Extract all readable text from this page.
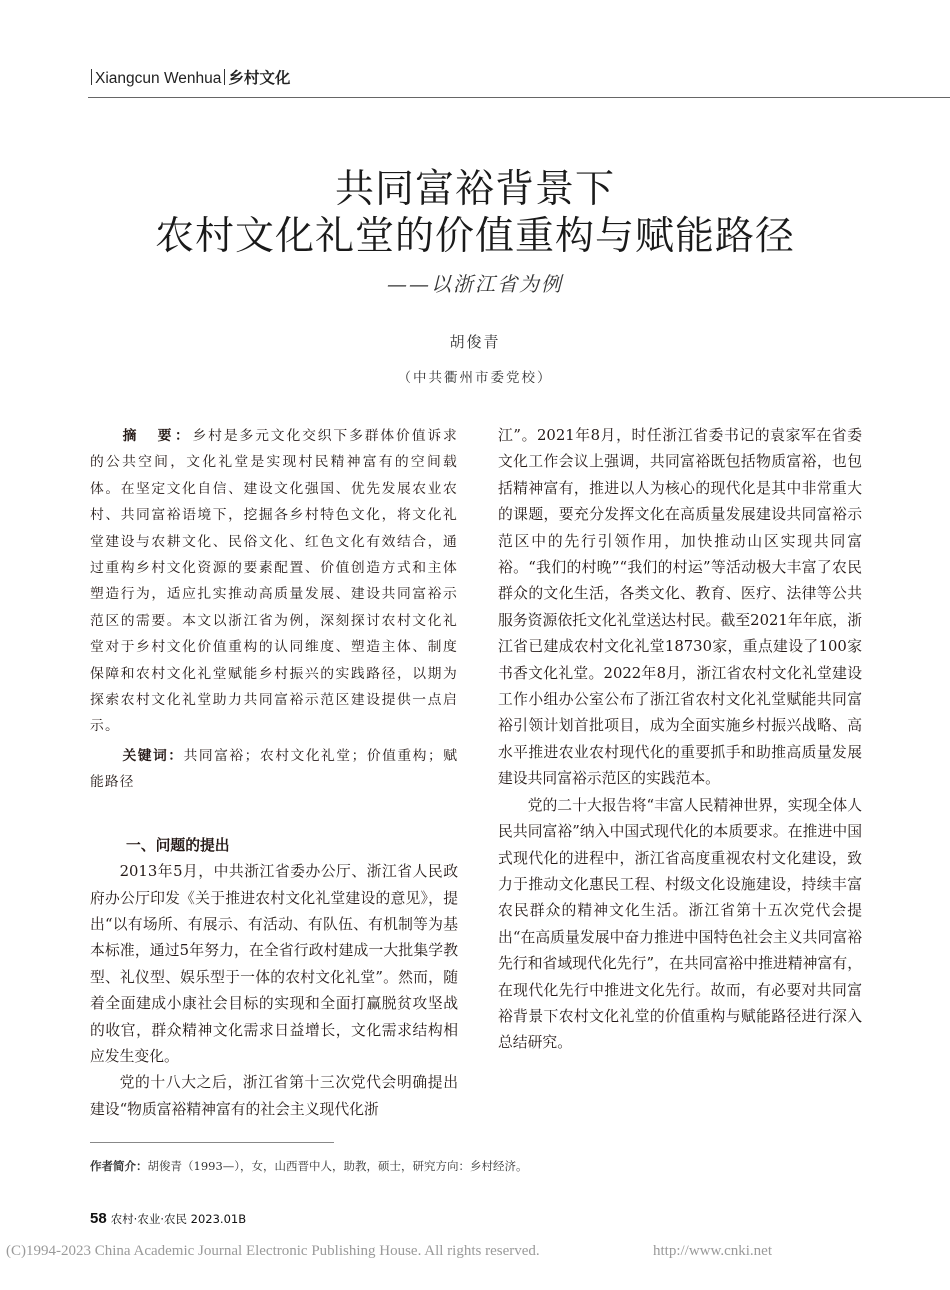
Xiangcun Wenhua 乡村文化
共同富裕背景下
农村文化礼堂的价值重构与赋能路径
——以浙江省为例
胡俊青
（中共衢州市委党校）

摘　要：乡村是多元文化交织下多群体价值诉求的公共空间，文化礼堂是实现村民精神富有的空间载体。在坚定文化自信、建设文化强国、优先发展农业农村、共同富裕语境下，挖掘各乡村特色文化，将文化礼堂建设与农耕文化、民俗文化、红色文化有效结合，通过重构乡村文化资源的要素配置、价值创造方式和主体塑造行为，适应扎实推动高质量发展、建设共同富裕示范区的需要。本文以浙江省为例，深刻探讨农村文化礼堂对于乡村文化价值重构的认同维度、塑造主体、制度保障和农村文化礼堂赋能乡村振兴的实践路径，以期为探索农村文化礼堂助力共同富裕示范区建设提供一点启示。

关键词：共同富裕；农村文化礼堂；价值重构；赋能路径

一、问题的提出

2013年5月，中共浙江省委办公厅、浙江省人民政府办公厅印发《关于推进农村文化礼堂建设的意见》，提出“以有场所、有展示、有活动、有队伍、有机制等为基本标准，通过5年努力，在全省行政村建成一大批集学教型、礼仪型、娱乐型于一体的农村文化礼堂”。然而，随着全面建成小康社会目标的实现和全面打赢脱贫攻坚战的收官，群众精神文化需求日益增长，文化需求结构相应发生变化。

党的十八大之后，浙江省第十三次党代会明确提出建设“物质富裕精神富有的社会主义现代化浙

江”。2021年8月，时任浙江省委书记的袁家军在省委文化工作会议上强调，共同富裕既包括物质富裕，也包括精神富有，推进以人为核心的现代化是其中非常重大的课题，要充分发挥文化在高质量发展建设共同富裕示范区中的先行引领作用，加快推动山区实现共同富裕。“我们的村晚”“我们的村运”等活动极大丰富了农民群众的文化生活，各类文化、教育、医疗、法律等公共服务资源依托文化礼堂送达村民。截至2021年年底，浙江省已建成农村文化礼堂18730家，重点建设了100家书香文化礼堂。2022年8月，浙江省农村文化礼堂建设工作小组办公室公布了浙江省农村文化礼堂赋能共同富裕引领计划首批项目，成为全面实施乡村振兴战略、高水平推进农业农村现代化的重要抓手和助推高质量发展建设共同富裕示范区的实践范本。

党的二十大报告将“丰富人民精神世界，实现全体人民共同富裕”纳入中国式现代化的本质要求。在推进中国式现代化的进程中，浙江省高度重视农村文化建设，致力于推动文化惠民工程、村级文化设施建设，持续丰富农民群众的精神文化生活。浙江省第十五次党代会提出“在高质量发展中奋力推进中国特色社会主义共同富裕先行和省域现代化先行”，在共同富裕中推进精神富有，在现代化先行中推进文化先行。故而，有必要对共同富裕背景下农村文化礼堂的价值重构与赋能路径进行深入总结研究。

作者简介：胡俊青（1993—），女，山西晋中人，助教，硕士，研究方向：乡村经济。
58 农村·农业·农民 2023.01B
(C)1994-2023 China Academic Journal Electronic Publishing House. All rights reserved.	http://www.cnki.net
